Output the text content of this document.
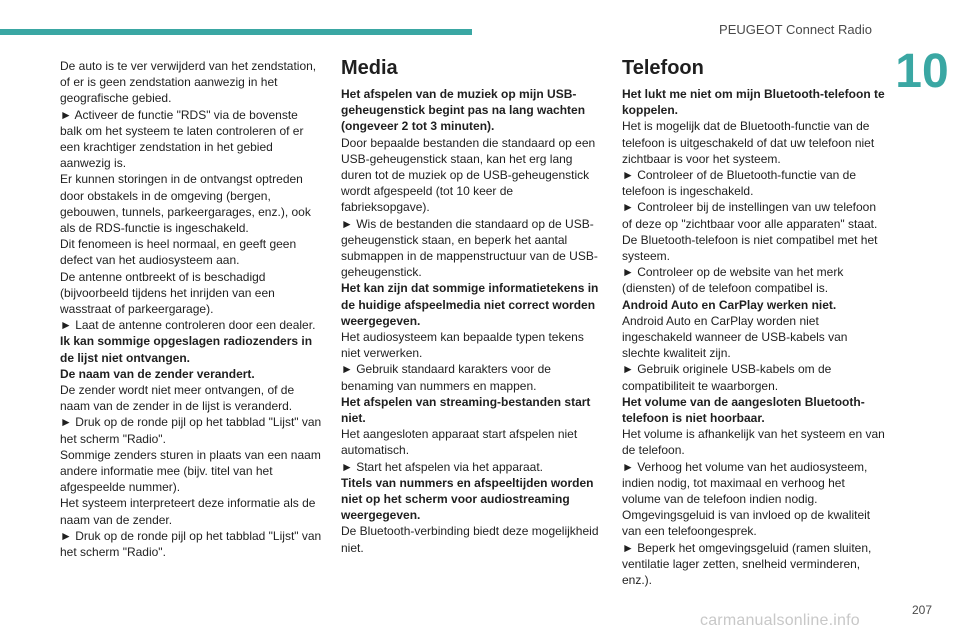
PEUGEOT Connect Radio
10

De auto is te ver verwijderd van het zendstation, of er is geen zendstation aanwezig in het geografische gebied.

► Activeer de functie "RDS" via de bovenste balk om het systeem te laten controleren of er een krachtiger zendstation in het gebied aanwezig is.

Er kunnen storingen in de ontvangst optreden door obstakels in de omgeving (bergen, gebouwen, tunnels, parkeergarages, enz.), ook als de RDS-functie is ingeschakeld.

Dit fenomeen is heel normaal, en geeft geen defect van het audiosysteem aan.

De antenne ontbreekt of is beschadigd (bijvoorbeeld tijdens het inrijden van een wasstraat of parkeergarage).

► Laat de antenne controleren door een dealer.

Ik kan sommige opgeslagen radiozenders in de lijst niet ontvangen.

De naam van de zender verandert.

De zender wordt niet meer ontvangen, of de naam van de zender in de lijst is veranderd.

► Druk op de ronde pijl op het tabblad "Lijst" van het scherm "Radio".

Sommige zenders sturen in plaats van een naam andere informatie mee (bijv. titel van het afgespeelde nummer).

Het systeem interpreteert deze informatie als de naam van de zender.

► Druk op de ronde pijl op het tabblad "Lijst" van het scherm "Radio".

Media

Het afspelen van de muziek op mijn USB-geheugenstick begint pas na lang wachten (ongeveer 2 tot 3 minuten).

Door bepaalde bestanden die standaard op een USB-geheugenstick staan, kan het erg lang duren tot de muziek op de USB-geheugenstick wordt afgespeeld (tot 10 keer de fabrieksopgave).

► Wis de bestanden die standaard op de USB-geheugenstick staan, en beperk het aantal submappen in de mappenstructuur van de USB-geheugenstick.

Het kan zijn dat sommige informatietekens in de huidige afspeelmedia niet correct worden weergegeven.

Het audiosysteem kan bepaalde typen tekens niet verwerken.

► Gebruik standaard karakters voor de benaming van nummers en mappen.

Het afspelen van streaming-bestanden start niet.

Het aangesloten apparaat start afspelen niet automatisch.

► Start het afspelen via het apparaat.

Titels van nummers en afspeeltijden worden niet op het scherm voor audiostreaming weergegeven.

De Bluetooth-verbinding biedt deze mogelijkheid niet.

Telefoon

Het lukt me niet om mijn Bluetooth-telefoon te koppelen.

Het is mogelijk dat de Bluetooth-functie van de telefoon is uitgeschakeld of dat uw telefoon niet zichtbaar is voor het systeem.

► Controleer of de Bluetooth-functie van de telefoon is ingeschakeld.

► Controleer bij de instellingen van uw telefoon of deze op "zichtbaar voor alle apparaten" staat.

De Bluetooth-telefoon is niet compatibel met het systeem.

► Controleer op de website van het merk (diensten) of de telefoon compatibel is.

Android Auto en CarPlay werken niet.

Android Auto en CarPlay worden niet ingeschakeld wanneer de USB-kabels van slechte kwaliteit zijn.

► Gebruik originele USB-kabels om de compatibiliteit te waarborgen.

Het volume van de aangesloten Bluetooth-telefoon is niet hoorbaar.

Het volume is afhankelijk van het systeem en van de telefoon.

► Verhoog het volume van het audiosysteem, indien nodig, tot maximaal en verhoog het volume van de telefoon indien nodig.

Omgevingsgeluid is van invloed op de kwaliteit van een telefoongesprek.

► Beperk het omgevingsgeluid (ramen sluiten, ventilatie lager zetten, snelheid verminderen, enz.).

207
carmanualsonline.info
